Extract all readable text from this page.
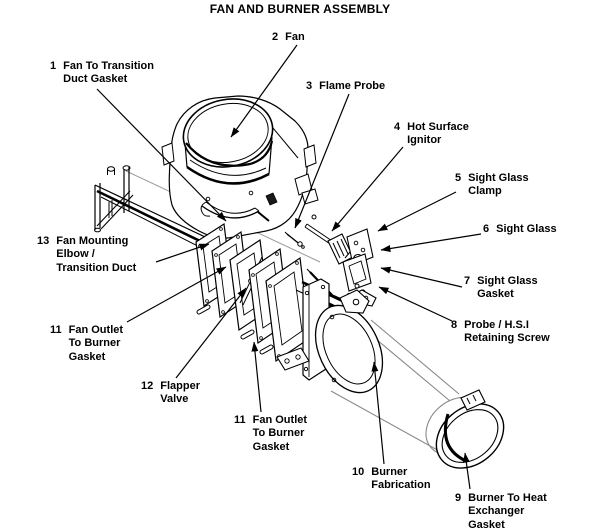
FAN AND BURNER ASSEMBLY
1 Fan To Transition
Duct Gasket
2 Fan
3 Flame Probe
4 Hot Surface
Ignitor
5 Sight Glass
Clamp
6 Sight Glass
7 Sight Glass
Gasket
8 Probe / H.S.I
Retaining Screw
9 Burner To Heat
Exchanger
Gasket
10 Burner
Fabrication
11 Fan Outlet
To Burner
Gasket
11 Fan Outlet
To Burner
Gasket
12 Flapper
Valve
13 Fan Mounting
Elbow /
Transition Duct
